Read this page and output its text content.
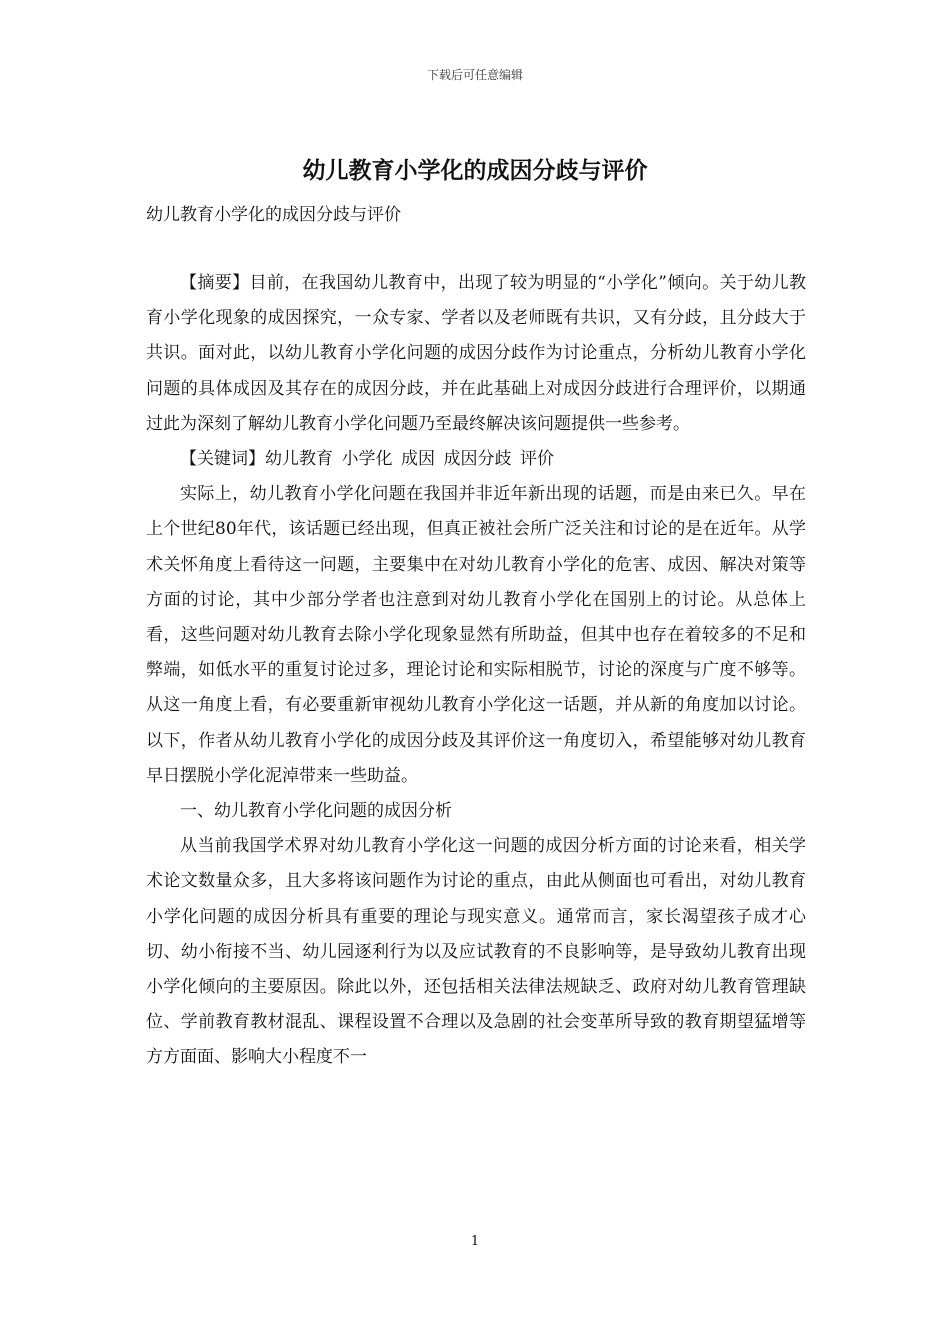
下载后可任意编辑
幼儿教育小学化的成因分歧与评价

幼儿教育小学化的成因分歧与评价

【摘要】目前，在我国幼儿教育中，出现了较为明显的“小学化”倾向。关于幼儿教育小学化现象的成因探究，一众专家、学者以及老师既有共识，又有分歧，且分歧大于共识。面对此，以幼儿教育小学化问题的成因分歧作为讨论重点，分析幼儿教育小学化问题的具体成因及其存在的成因分歧，并在此基础上对成因分歧进行合理评价，以期通过此为深刻了解幼儿教育小学化问题乃至最终解决该问题提供一些参考。

【关键词】幼儿教育 小学化 成因 成因分歧 评价

实际上，幼儿教育小学化问题在我国并非近年新出现的话题，而是由来已久。早在上个世纪80年代，该话题已经出现，但真正被社会所广泛关注和讨论的是在近年。从学术关怀角度上看待这一问题，主要集中在对幼儿教育小学化的危害、成因、解决对策等方面的讨论，其中少部分学者也注意到对幼儿教育小学化在国别上的讨论。从总体上看，这些问题对幼儿教育去除小学化现象显然有所助益，但其中也存在着较多的不足和弊端，如低水平的重复讨论过多，理论讨论和实际相脱节，讨论的深度与广度不够等。从这一角度上看，有必要重新审视幼儿教育小学化这一话题，并从新的角度加以讨论。以下，作者从幼儿教育小学化的成因分歧及其评价这一角度切入，希望能够对幼儿教育早日摆脱小学化泥淖带来一些助益。

一、幼儿教育小学化问题的成因分析

从当前我国学术界对幼儿教育小学化这一问题的成因分析方面的讨论来看，相关学术论文数量众多，且大多将该问题作为讨论的重点，由此从侧面也可看出，对幼儿教育小学化问题的成因分析具有重要的理论与现实意义。通常而言，家长渴望孩子成才心切、幼小衔接不当、幼儿园逐利行为以及应试教育的不良影响等，是导致幼儿教育出现小学化倾向的主要原因。除此以外，还包括相关法律法规缺乏、政府对幼儿教育管理缺位、学前教育教材混乱、课程设置不合理以及急剧的社会变革所导致的教育期望猛增等方方面面、影响大小程度不一

1
